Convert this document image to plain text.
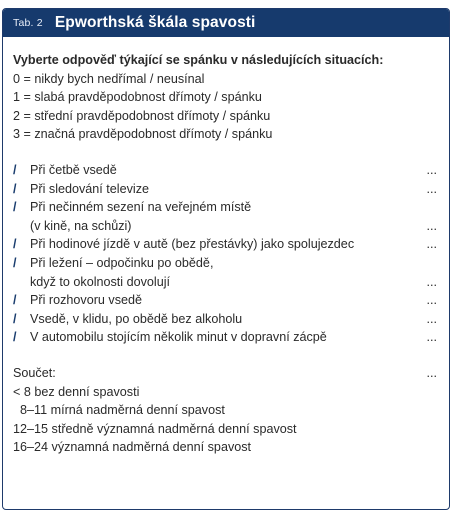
Tab. 2 Epworthská škála spavosti
Vyberte odpověď týkající se spánku v následujících situacích:
0 = nikdy bych nedřímal / neusínal
1 = slabá pravděpodobnost dřímoty / spánku
2 = střední pravděpodobnost dřímoty / spánku
3 = značná pravděpodobnost dřímoty / spánku
/	Při četbě vsedě	...
/	Při sledování televize	...
/	Při nečinném sezení na veřejném místě
(v kině, na schůzi)	...
/	Při hodinové jízdě v autě (bez přestávky) jako spolujezdec	...
/	Při ležení – odpočinku po obědě,
když to okolnosti dovolují	...
/	Při rozhovoru vsedě	...
/	Vsedě, v klidu, po obědě bez alkoholu	...
/	V automobilu stojícím několik minut v dopravní zácpě	...
Součet:	...
< 8 bez denní spavosti
8–11 mírná nadměrná denní spavost
12–15 středně významná nadměrná denní spavost
16–24 významná nadměrná denní spavost
